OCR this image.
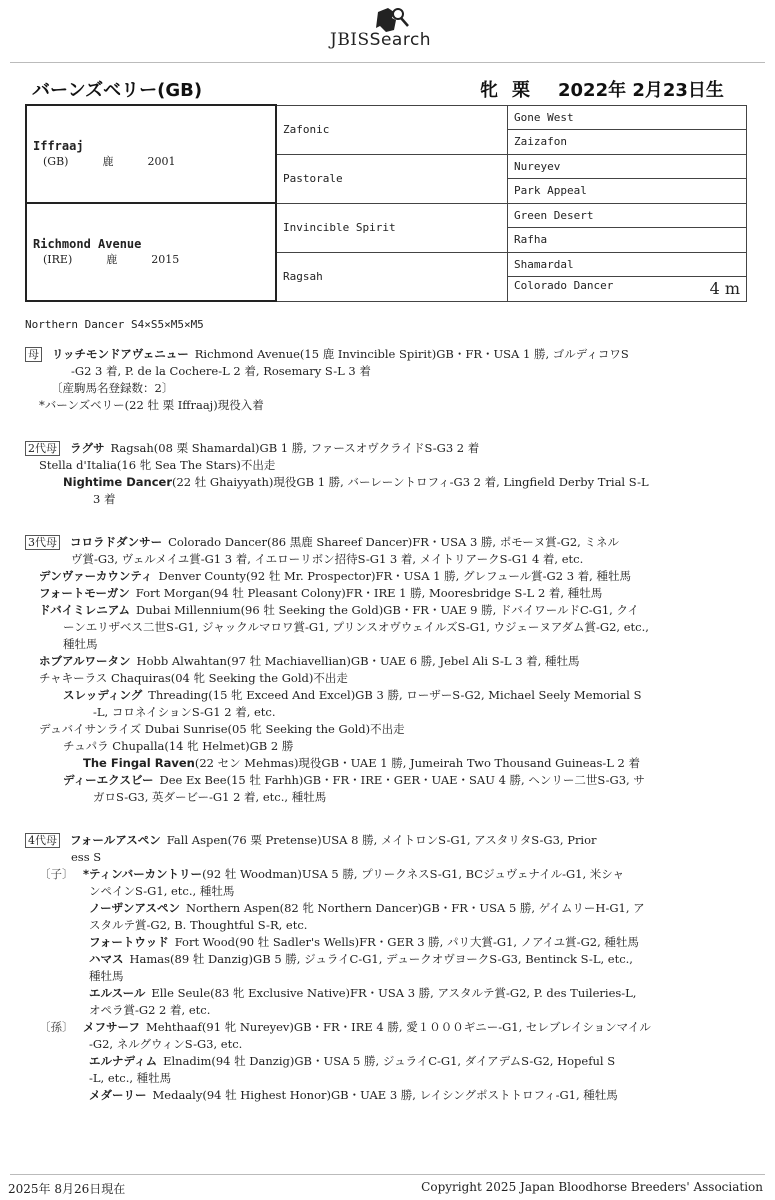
JBISSearch
バーンズベリー(GB)	牝 栗 2022年 2月23日生
Iffraaj
(GB) 鹿 2001	Zafonic	Gone West
		Zaizafon
	Pastorale	Nureyev
		Park Appeal

Richmond Avenue
(IRE) 鹿 2015	Invincible Spirit	Green Desert
		Rafha
	Ragsah	Shamardal
		Colorado Dancer 4 m
Northern Dancer S4×S5×M5×M5

母 リッチモンドアヴェニュー Richmond Avenue(15 鹿 Invincible Spirit)GB・FR・USA 1 勝, ゴルディコワS

-G2 3 着, P. de la Cochere-L 2 着, Rosemary S-L 3 着

〔産駒馬名登録数：2〕

*バーンズベリー(22 牡 栗 Iffraaj)現役入着

2代母 ラグサ Ragsah(08 栗 Shamardal)GB 1 勝, ファースオヴクライドS-G3 2 着

Stella d'Italia(16 牝 Sea The Stars)不出走

Nightime Dancer(22 牡 Ghaiyyath)現役GB 1 勝, バーレーントロフィ-G3 2 着, Lingfield Derby Trial S-L

3 着

3代母 コロラドダンサー Colorado Dancer(86 黒鹿 Shareef Dancer)FR・USA 3 勝, ポモーヌ賞-G2, ミネル

ヴ賞-G3, ヴェルメイユ賞-G1 3 着, イエローリボン招待S-G1 3 着, メイトリアークS-G1 4 着, etc.

デンヴァーカウンティ Denver County(92 牡 Mr. Prospector)FR・USA 1 勝, グレフュール賞-G2 3 着, 種牡馬

フォートモーガン Fort Morgan(94 牡 Pleasant Colony)FR・IRE 1 勝, Mooresbridge S-L 2 着, 種牡馬

ドバイミレニアム Dubai Millennium(96 牡 Seeking the Gold)GB・FR・UAE 9 勝, ドバイワールドC-G1, クイ

ーンエリザベス二世S-G1, ジャックルマロワ賞-G1, プリンスオヴウェイルズS-G1, ウジェーヌアダム賞-G2, etc.,

種牡馬

ホブアルワータン Hobb Alwahtan(97 牡 Machiavellian)GB・UAE 6 勝, Jebel Ali S-L 3 着, 種牡馬

チャキーラス Chaquiras(04 牝 Seeking the Gold)不出走

スレッディング Threading(15 牝 Exceed And Excel)GB 3 勝, ローザーS-G2, Michael Seely Memorial S

-L, コロネイションS-G1 2 着, etc.

デュバイサンライズ Dubai Sunrise(05 牝 Seeking the Gold)不出走

チュパラ Chupalla(14 牝 Helmet)GB 2 勝

The Fingal Raven(22 セン Mehmas)現役GB・UAE 1 勝, Jumeirah Two Thousand Guineas-L 2 着

ディーエクスビー Dee Ex Bee(15 牡 Farhh)GB・FR・IRE・GER・UAE・SAU 4 勝, ヘンリー二世S-G3, サ

ガロS-G3, 英ダービー-G1 2 着, etc., 種牡馬

4代母 フォールアスペン Fall Aspen(76 栗 Pretense)USA 8 勝, メイトロンS-G1, アスタリタS-G3, Prior

ess S

〔子〕 *ティンバーカントリー(92 牡 Woodman)USA 5 勝, プリークネスS-G1, BCジュヴェナイル-G1, 米シャ

ンペインS-G1, etc., 種牡馬

ノーザンアスペン Northern Aspen(82 牝 Northern Dancer)GB・FR・USA 5 勝, ゲイムリーH-G1, ア

スタルテ賞-G2, B. Thoughtful S-R, etc.

フォートウッド Fort Wood(90 牡 Sadler's Wells)FR・GER 3 勝, パリ大賞-G1, ノアイユ賞-G2, 種牡馬

ハマス Hamas(89 牡 Danzig)GB 5 勝, ジュライC-G1, デュークオヴヨークS-G3, Bentinck S-L, etc.,

種牡馬

エルスール Elle Seule(83 牝 Exclusive Native)FR・USA 3 勝, アスタルテ賞-G2, P. des Tuileries-L,

オペラ賞-G2 2 着, etc.

〔孫〕 メフサーフ Mehthaaf(91 牝 Nureyev)GB・FR・IRE 4 勝, 愛１０００ギニー-G1, セレブレイションマイル

-G2, ネルグウィンS-G3, etc.

エルナディム Elnadim(94 牡 Danzig)GB・USA 5 勝, ジュライC-G1, ダイアデムS-G2, Hopeful S

-L, etc., 種牡馬

メダーリー Medaaly(94 牡 Highest Honor)GB・UAE 3 勝, レイシングポストトロフィ-G1, 種牡馬

2025年 8月26日現在	Copyright 2025 Japan Bloodhorse Breeders' Association
